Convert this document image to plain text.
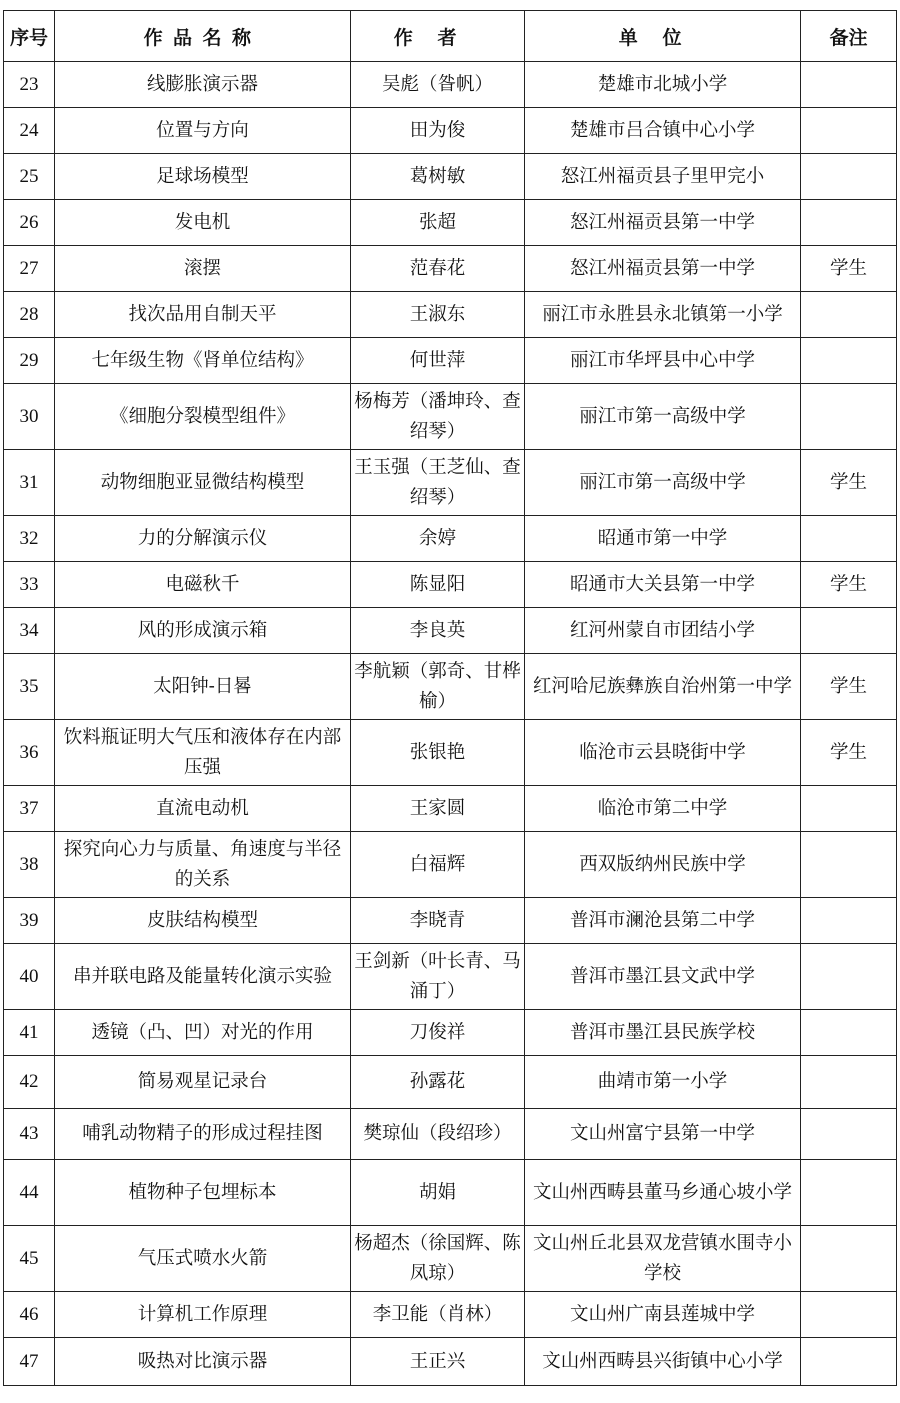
序号	作品名称	作者	单位	备注
23	线膨胀演示器	吴彪（昝帆）	楚雄市北城小学	
24	位置与方向	田为俊	楚雄市吕合镇中心小学	
25	足球场模型	葛树敏	怒江州福贡县子里甲完小	
26	发电机	张超	怒江州福贡县第一中学	
27	滚摆	范春花	怒江州福贡县第一中学	学生
28	找次品用自制天平	王淑东	丽江市永胜县永北镇第一小学	
29	七年级生物《肾单位结构》	何世萍	丽江市华坪县中心中学	
30	《细胞分裂模型组件》	杨梅芳（潘坤玲、查绍琴）	丽江市第一高级中学	
31	动物细胞亚显微结构模型	王玉强（王芝仙、查绍琴）	丽江市第一高级中学	学生
32	力的分解演示仪	余婷	昭通市第一中学	
33	电磁秋千	陈显阳	昭通市大关县第一中学	学生
34	风的形成演示箱	李良英	红河州蒙自市团结小学	
35	太阳钟-日晷	李航颖（郭奇、甘桦榆）	红河哈尼族彝族自治州第一中学	学生
36	饮料瓶证明大气压和液体存在内部压强	张银艳	临沧市云县晓街中学	学生
37	直流电动机	王家圆	临沧市第二中学	
38	探究向心力与质量、角速度与半径的关系	白福辉	西双版纳州民族中学	
39	皮肤结构模型	李晓青	普洱市澜沧县第二中学	
40	串并联电路及能量转化演示实验	王剑新（叶长青、马涌丁）	普洱市墨江县文武中学	
41	透镜（凸、凹）对光的作用	刀俊祥	普洱市墨江县民族学校	
42	简易观星记录台	孙露花	曲靖市第一小学	
43	哺乳动物精子的形成过程挂图	樊琼仙（段绍珍）	文山州富宁县第一中学	
44	植物种子包埋标本	胡娟	文山州西畴县董马乡通心坡小学	
45	气压式喷水火箭	杨超杰（徐国辉、陈凤琼）	文山州丘北县双龙营镇水围寺小学校	
46	计算机工作原理	李卫能（肖林）	文山州广南县莲城中学	
47	吸热对比演示器	王正兴	文山州西畴县兴街镇中心小学	
